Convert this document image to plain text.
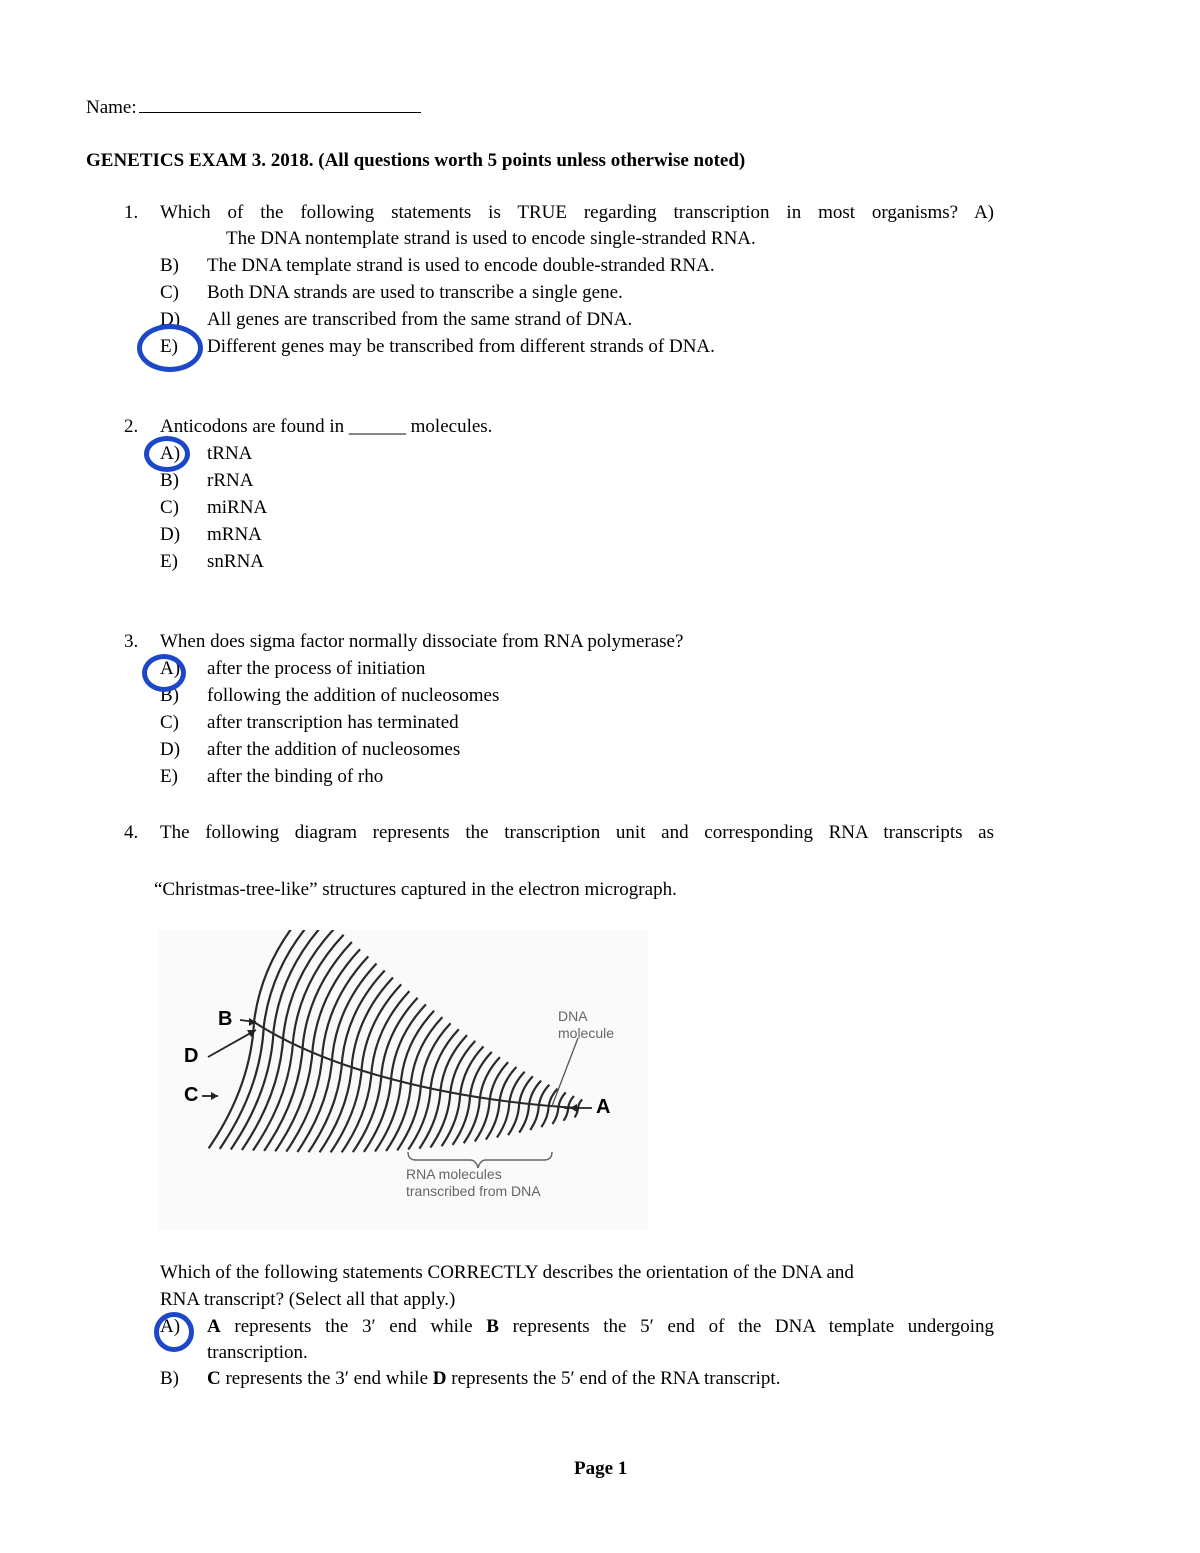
Name:
GENETICS EXAM 3. 2018. (All questions worth 5 points unless otherwise noted)
1. Which of the following statements is TRUE regarding transcription in most organisms? A)
The DNA nontemplate strand is used to encode single-stranded RNA.
B) The DNA template strand is used to encode double-stranded RNA.
C) Both DNA strands are used to transcribe a single gene.
D) All genes are transcribed from the same strand of DNA.
E) Different genes may be transcribed from different strands of DNA.
2. Anticodons are found in ______ molecules.
A) tRNA
B) rRNA
C) miRNA
D) mRNA
E) snRNA
3. When does sigma factor normally dissociate from RNA polymerase?
A) after the process of initiation
B) following the addition of nucleosomes
C) after transcription has terminated
D) after the addition of nucleosomes
E) after the binding of rho
4. The following diagram represents the transcription unit and corresponding RNA transcripts as
“Christmas-tree-like” structures captured in the electron micrograph.
B
D
C
A
DNA
molecule
RNA molecules
transcribed from DNA
Which of the following statements CORRECTLY describes the orientation of the DNA and
RNA transcript? (Select all that apply.)
A) A represents the 3′ end while B represents the 5′ end of the DNA template undergoing
transcription.
B) C represents the 3′ end while D represents the 5′ end of the RNA transcript.
Page 1
